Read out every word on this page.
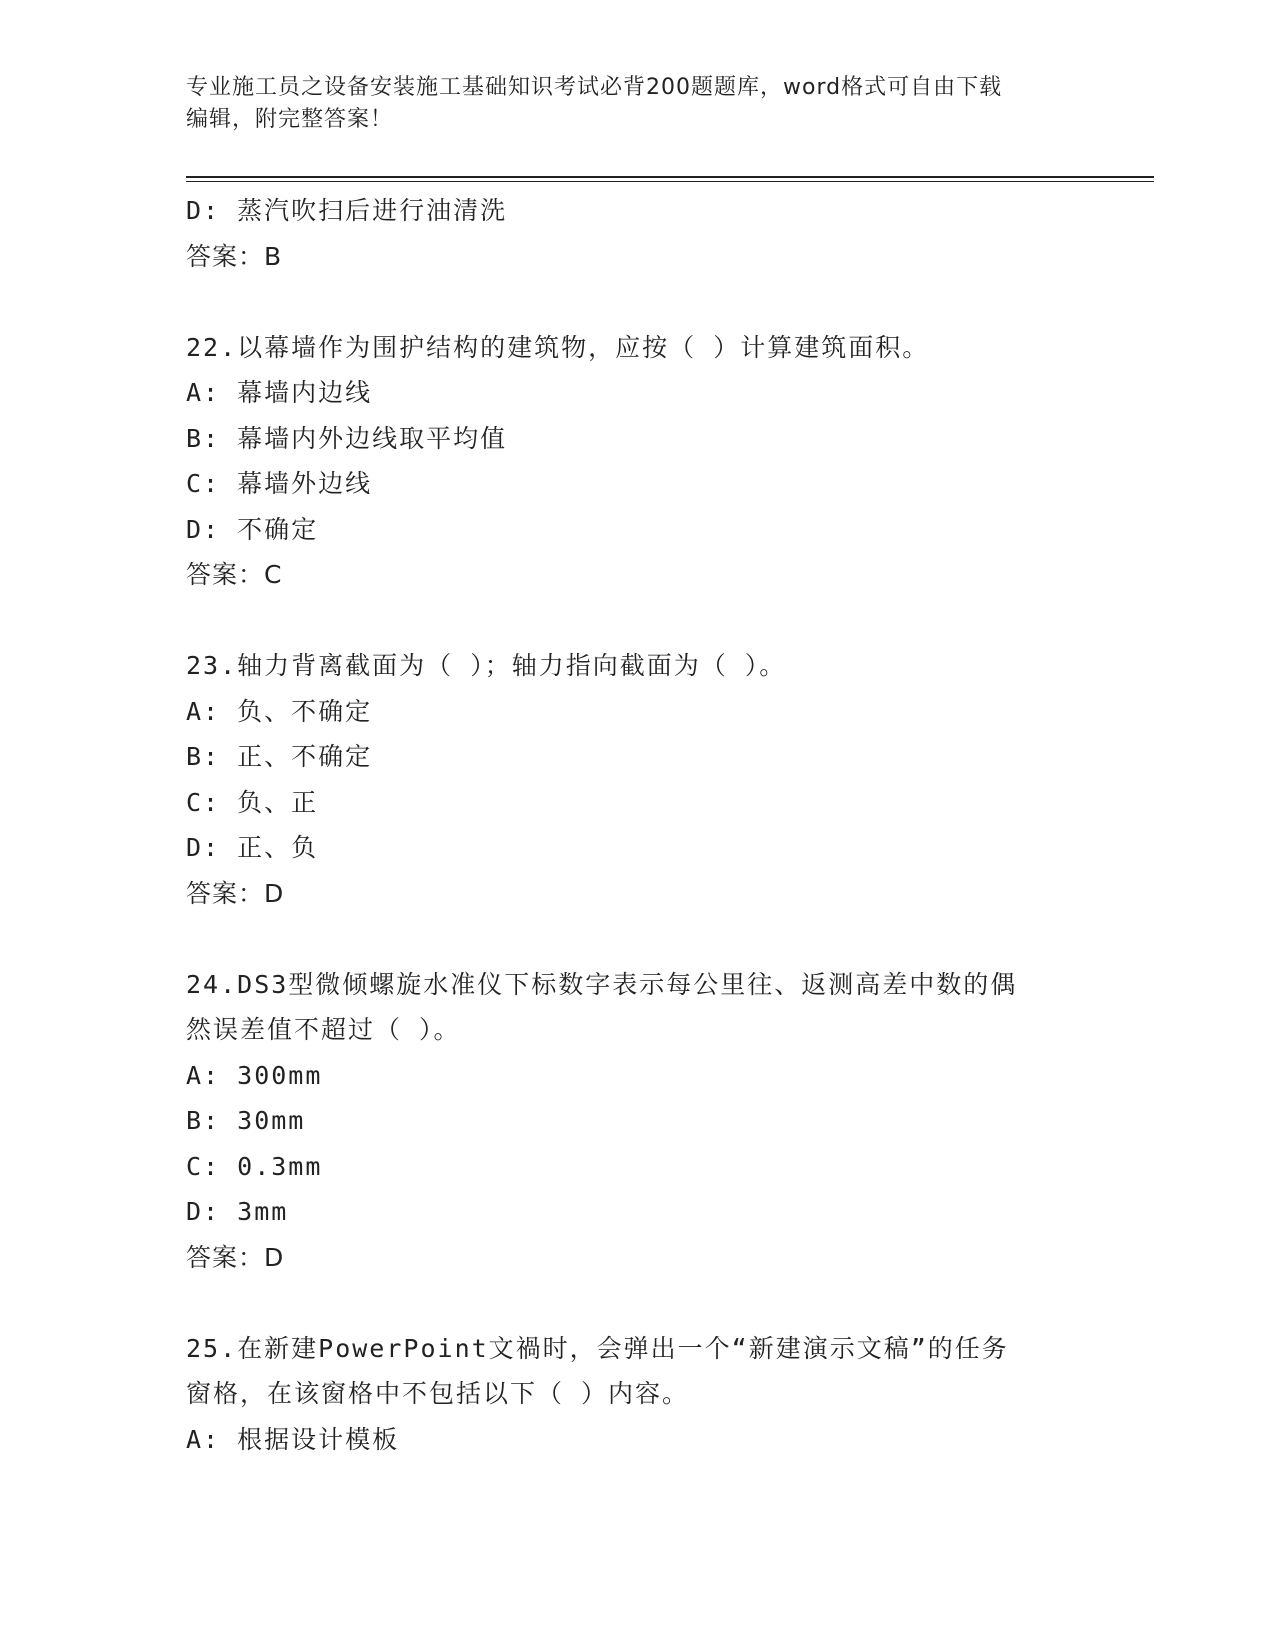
专业施工员之设备安装施工基础知识考试必背200题题库，word格式可自由下载
编辑，附完整答案！
D: 蒸汽吹扫后进行油清洗
答案：B
22.以幕墙作为围护结构的建筑物，应按（ ）计算建筑面积。
A: 幕墙内边线
B: 幕墙内外边线取平均值
C: 幕墙外边线
D: 不确定
答案：C
23.轴力背离截面为（ ）；轴力指向截面为（ ）。
A: 负、不确定
B: 正、不确定
C: 负、正
D: 正、负
答案：D
24.DS3型微倾螺旋水准仪下标数字表示每公里往、返测高差中数的偶
然误差值不超过（ ）。
A: 300mm
B: 30mm
C: 0.3mm
D: 3mm
答案：D
25.在新建PowerPoint文禍时，会弹出一个“新建演示文稿”的任务
窗格，在该窗格中不包括以下（ ）内容。
A: 根据设计模板
